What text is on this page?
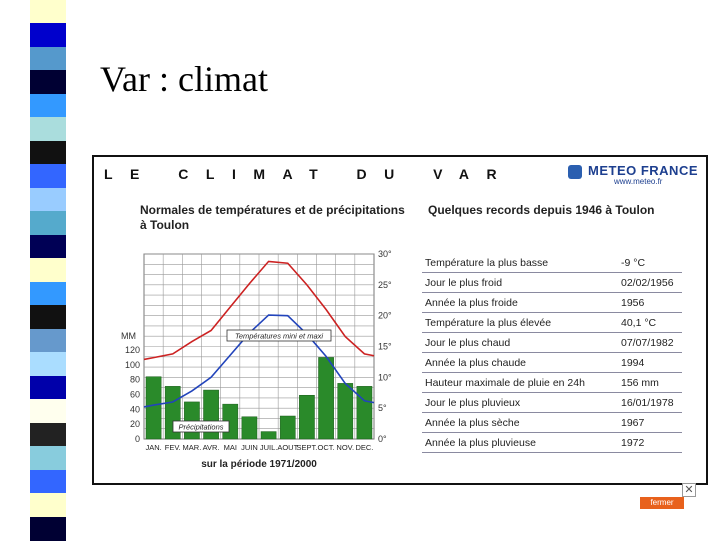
Var : climat
LE CLIMAT DU VAR	METEO FRANCE
www.meteo.fr
Normales de températures et de précipitations
à Toulon
Quelques records depuis 1946 à Toulon
MM
120
100
80
60
40
20
0
30°
25°
20°
15°
10°
5°
0°
Températures mini et maxi
Précipitations
JAN. FEV. MAR. AVR. MAI JUIN JUIL. AOUT
SEPT. OCT. NOV. DEC.
sur la période 1971/2000
Température la plus basse	-9 °C
Jour le plus froid	02/02/1956
Année la plus froide	1956
Température la plus élevée	40,1 °C
Jour le plus chaud	07/07/1982
Année la plus chaude	1994
Hauteur maximale de pluie en 24h	156 mm
Jour le plus pluvieux	16/01/1978
Année la plus sèche	1967
Année la plus pluvieuse	1972
✕
fermer
